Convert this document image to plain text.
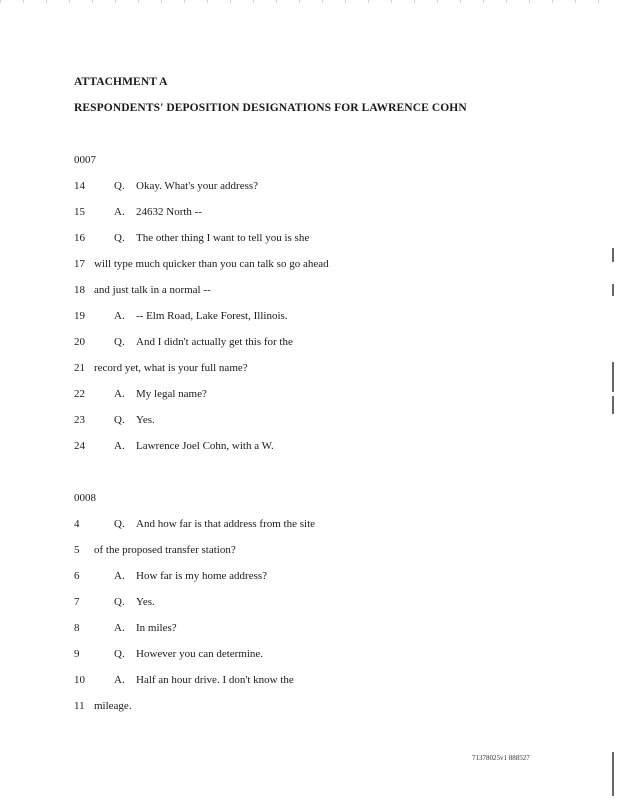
ATTACHMENT A
RESPONDENTS' DEPOSITION DESIGNATIONS FOR LAWRENCE COHN
0007
14	Q. Okay. What's your address?
15	A. 24632 North --
16	Q. The other thing I want to tell you is she
17 will type much quicker than you can talk so go ahead
18 and just talk in a normal --
19	A. -- Elm Road, Lake Forest, Illinois.
20	Q. And I didn't actually get this for the
21 record yet, what is your full name?
22	A. My legal name?
23	Q. Yes.
24	A. Lawrence Joel Cohn, with a W.
0008
4	Q. And how far is that address from the site
5	of the proposed transfer station?
6	A. How far is my home address?
7	Q. Yes.
8	A. In miles?
9	Q. However you can determine.
10	A. Half an hour drive. I don't know the
11 mileage.
71378025v1 888527
